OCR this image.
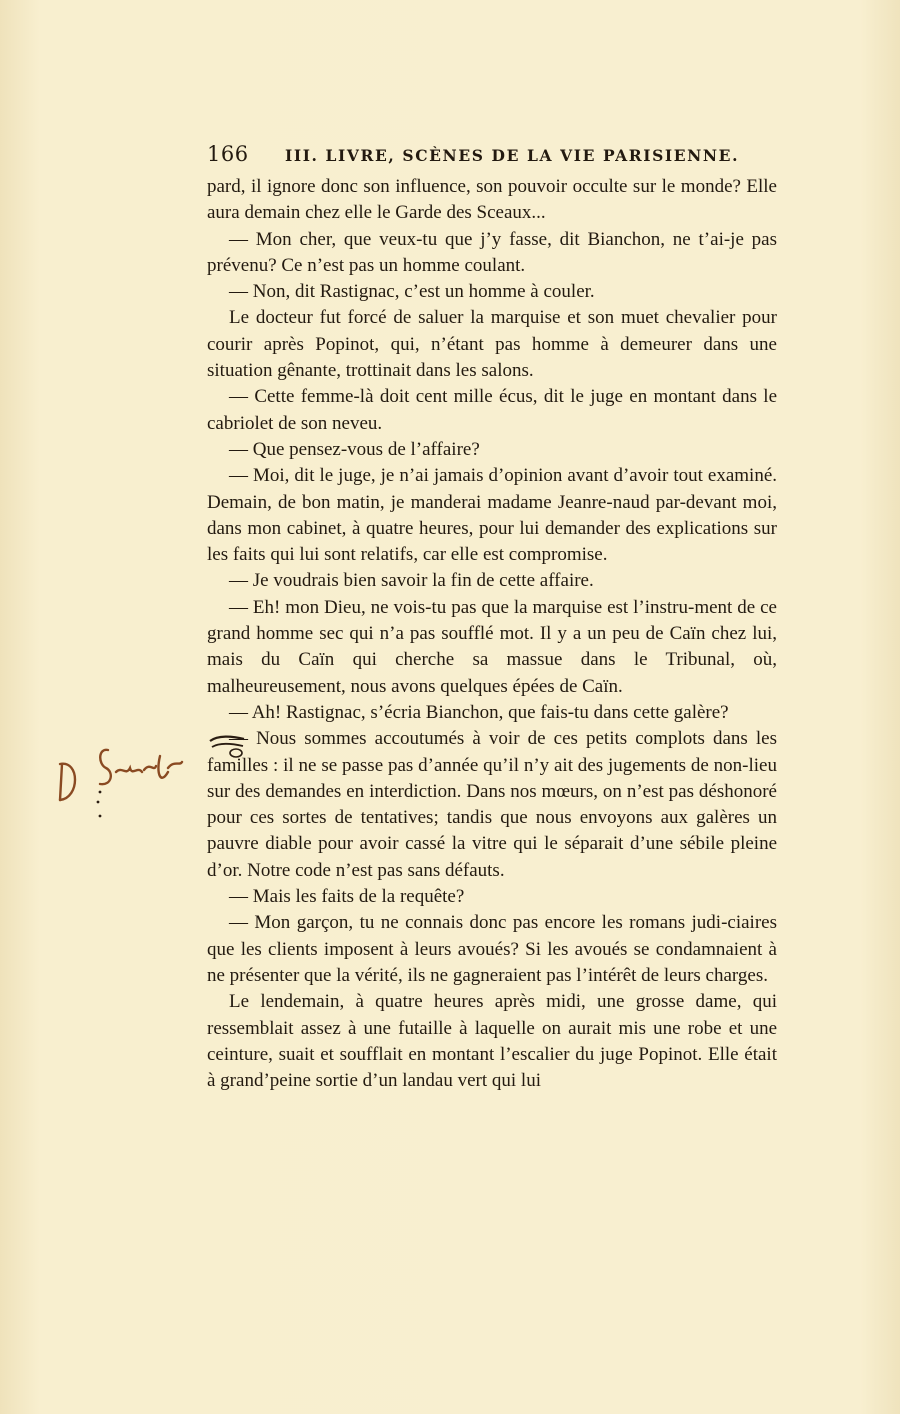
166 III. LIVRE, SCÈNES DE LA VIE PARISIENNE.

pard, il ignore donc son influence, son pouvoir occulte sur le monde? Elle aura demain chez elle le Garde des Sceaux...

— Mon cher, que veux-tu que j’y fasse, dit Bianchon, ne t’ai-je pas prévenu? Ce n’est pas un homme coulant.

— Non, dit Rastignac, c’est un homme à couler.

Le docteur fut forcé de saluer la marquise et son muet chevalier pour courir après Popinot, qui, n’étant pas homme à demeurer dans une situation gênante, trottinait dans les salons.

— Cette femme-là doit cent mille écus, dit le juge en montant dans le cabriolet de son neveu.

— Que pensez-vous de l’affaire?

— Moi, dit le juge, je n’ai jamais d’opinion avant d’avoir tout examiné. Demain, de bon matin, je manderai madame Jeanre-naud par-devant moi, dans mon cabinet, à quatre heures, pour lui demander des explications sur les faits qui lui sont relatifs, car elle est compromise.

— Je voudrais bien savoir la fin de cette affaire.

— Eh! mon Dieu, ne vois-tu pas que la marquise est l’instru-ment de ce grand homme sec qui n’a pas soufflé mot. Il y a un peu de Caïn chez lui, mais du Caïn qui cherche sa massue dans le Tribunal, où, malheureusement, nous avons quelques épées de Caïn.

— Ah! Rastignac, s’écria Bianchon, que fais-tu dans cette galère?

— Nous sommes accoutumés à voir de ces petits complots dans les familles : il ne se passe pas d’année qu’il n’y ait des jugements de non-lieu sur des demandes en interdiction. Dans nos mœurs, on n’est pas déshonoré pour ces sortes de tentatives; tandis que nous envoyons aux galères un pauvre diable pour avoir cassé la vitre qui le séparait d’une sébile pleine d’or. Notre code n’est pas sans défauts.

— Mais les faits de la requête?

— Mon garçon, tu ne connais donc pas encore les romans judi-ciaires que les clients imposent à leurs avoués? Si les avoués se condamnaient à ne présenter que la vérité, ils ne gagneraient pas l’intérêt de leurs charges.

Le lendemain, à quatre heures après midi, une grosse dame, qui ressemblait assez à une futaille à laquelle on aurait mis une robe et une ceinture, suait et soufflait en montant l’escalier du juge Popinot. Elle était à grand’peine sortie d’un landau vert qui lui
